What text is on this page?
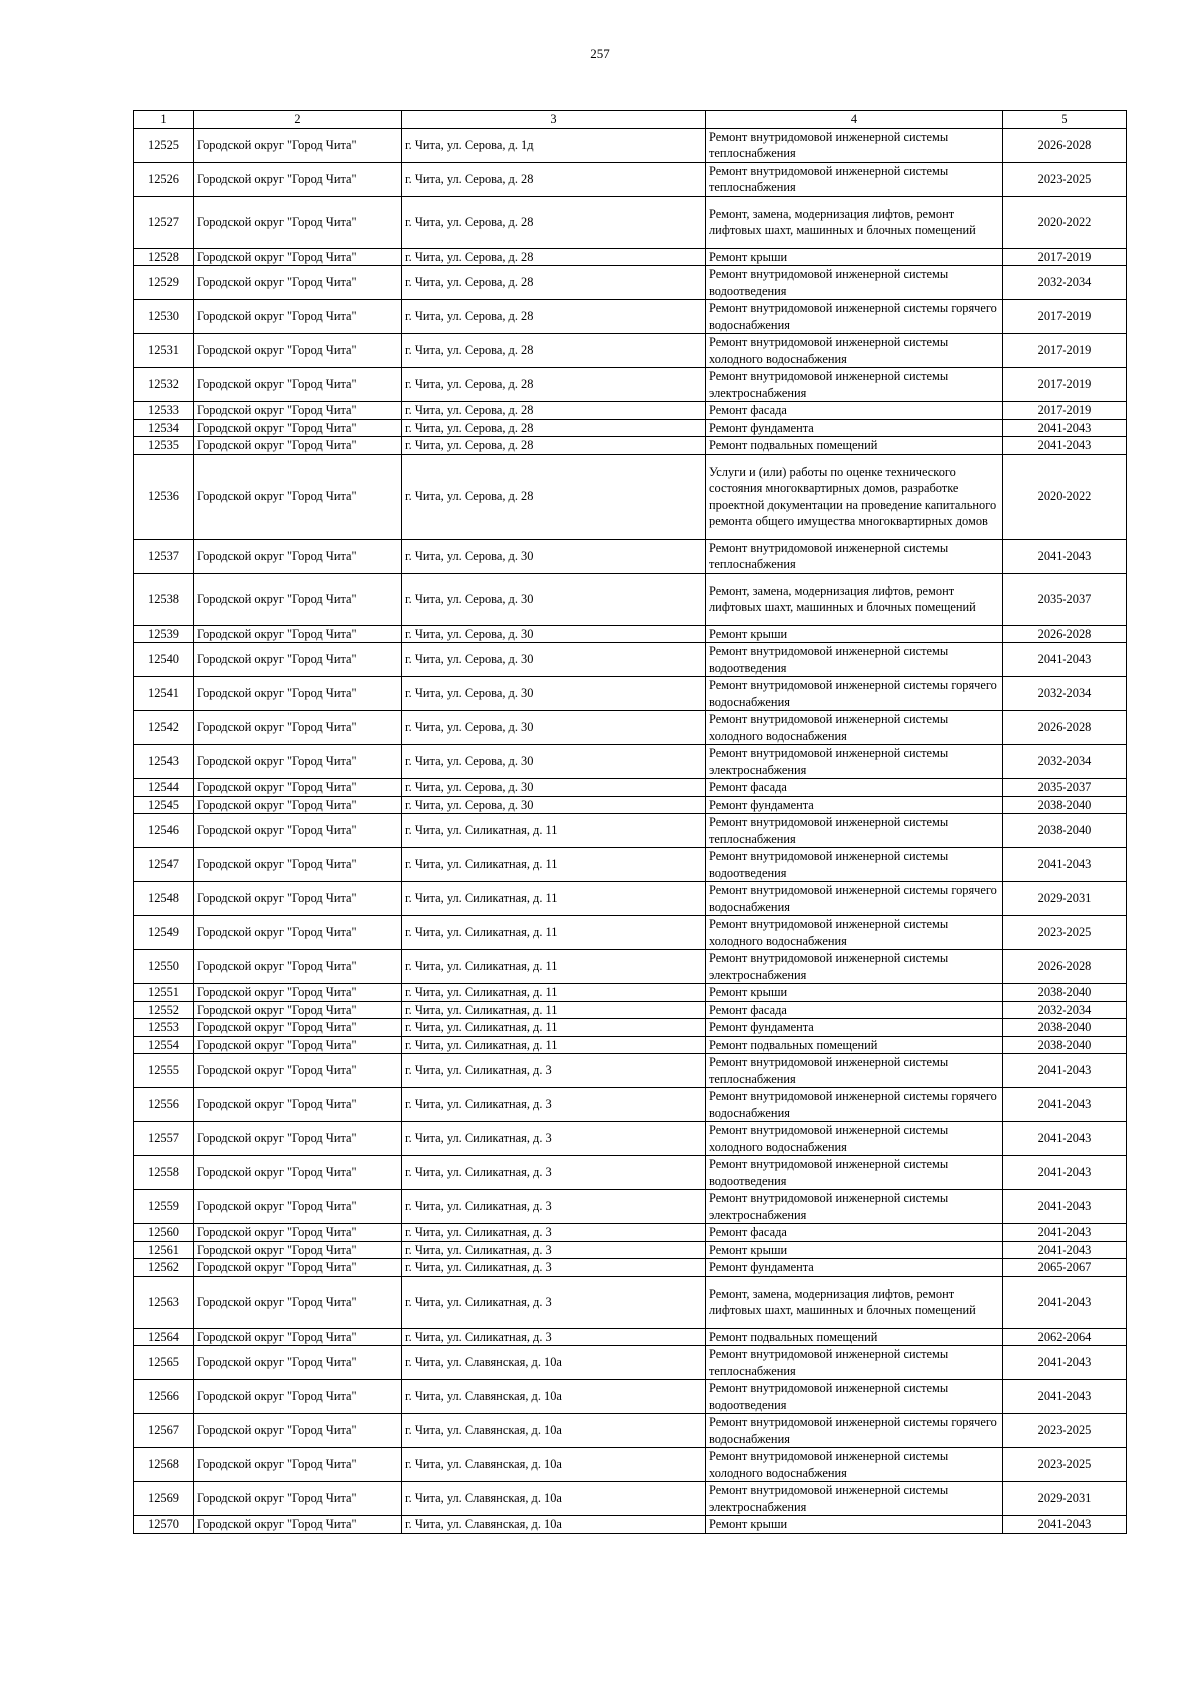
257
1	2	3	4	5
12525	Городской округ "Город Чита"	г. Чита, ул. Серова, д. 1д	Ремонт внутридомовой инженерной системы теплоснабжения	2026-2028
12526	Городской округ "Город Чита"	г. Чита, ул. Серова, д. 28	Ремонт внутридомовой инженерной системы теплоснабжения	2023-2025
12527	Городской округ "Город Чита"	г. Чита, ул. Серова, д. 28	Ремонт, замена, модернизация лифтов, ремонт лифтовых шахт, машинных и блочных помещений	2020-2022
12528	Городской округ "Город Чита"	г. Чита, ул. Серова, д. 28	Ремонт крыши	2017-2019
12529	Городской округ "Город Чита"	г. Чита, ул. Серова, д. 28	Ремонт внутридомовой инженерной системы водоотведения	2032-2034
12530	Городской округ "Город Чита"	г. Чита, ул. Серова, д. 28	Ремонт внутридомовой инженерной системы горячего водоснабжения	2017-2019
12531	Городской округ "Город Чита"	г. Чита, ул. Серова, д. 28	Ремонт внутридомовой инженерной системы холодного водоснабжения	2017-2019
12532	Городской округ "Город Чита"	г. Чита, ул. Серова, д. 28	Ремонт внутридомовой инженерной системы электроснабжения	2017-2019
12533	Городской округ "Город Чита"	г. Чита, ул. Серова, д. 28	Ремонт фасада	2017-2019
12534	Городской округ "Город Чита"	г. Чита, ул. Серова, д. 28	Ремонт фундамента	2041-2043
12535	Городской округ "Город Чита"	г. Чита, ул. Серова, д. 28	Ремонт подвальных помещений	2041-2043
12536	Городской округ "Город Чита"	г. Чита, ул. Серова, д. 28	Услуги и (или) работы по оценке технического состояния многоквартирных домов, разработке проектной документации на проведение капитального ремонта общего имущества многоквартирных домов	2020-2022
12537	Городской округ "Город Чита"	г. Чита, ул. Серова, д. 30	Ремонт внутридомовой инженерной системы теплоснабжения	2041-2043
12538	Городской округ "Город Чита"	г. Чита, ул. Серова, д. 30	Ремонт, замена, модернизация лифтов, ремонт лифтовых шахт, машинных и блочных помещений	2035-2037
12539	Городской округ "Город Чита"	г. Чита, ул. Серова, д. 30	Ремонт крыши	2026-2028
12540	Городской округ "Город Чита"	г. Чита, ул. Серова, д. 30	Ремонт внутридомовой инженерной системы водоотведения	2041-2043
12541	Городской округ "Город Чита"	г. Чита, ул. Серова, д. 30	Ремонт внутридомовой инженерной системы горячего водоснабжения	2032-2034
12542	Городской округ "Город Чита"	г. Чита, ул. Серова, д. 30	Ремонт внутридомовой инженерной системы холодного водоснабжения	2026-2028
12543	Городской округ "Город Чита"	г. Чита, ул. Серова, д. 30	Ремонт внутридомовой инженерной системы электроснабжения	2032-2034
12544	Городской округ "Город Чита"	г. Чита, ул. Серова, д. 30	Ремонт фасада	2035-2037
12545	Городской округ "Город Чита"	г. Чита, ул. Серова, д. 30	Ремонт фундамента	2038-2040
12546	Городской округ "Город Чита"	г. Чита, ул. Силикатная, д. 11	Ремонт внутридомовой инженерной системы теплоснабжения	2038-2040
12547	Городской округ "Город Чита"	г. Чита, ул. Силикатная, д. 11	Ремонт внутридомовой инженерной системы водоотведения	2041-2043
12548	Городской округ "Город Чита"	г. Чита, ул. Силикатная, д. 11	Ремонт внутридомовой инженерной системы горячего водоснабжения	2029-2031
12549	Городской округ "Город Чита"	г. Чита, ул. Силикатная, д. 11	Ремонт внутридомовой инженерной системы холодного водоснабжения	2023-2025
12550	Городской округ "Город Чита"	г. Чита, ул. Силикатная, д. 11	Ремонт внутридомовой инженерной системы электроснабжения	2026-2028
12551	Городской округ "Город Чита"	г. Чита, ул. Силикатная, д. 11	Ремонт крыши	2038-2040
12552	Городской округ "Город Чита"	г. Чита, ул. Силикатная, д. 11	Ремонт фасада	2032-2034
12553	Городской округ "Город Чита"	г. Чита, ул. Силикатная, д. 11	Ремонт фундамента	2038-2040
12554	Городской округ "Город Чита"	г. Чита, ул. Силикатная, д. 11	Ремонт подвальных помещений	2038-2040
12555	Городской округ "Город Чита"	г. Чита, ул. Силикатная, д. 3	Ремонт внутридомовой инженерной системы теплоснабжения	2041-2043
12556	Городской округ "Город Чита"	г. Чита, ул. Силикатная, д. 3	Ремонт внутридомовой инженерной системы горячего водоснабжения	2041-2043
12557	Городской округ "Город Чита"	г. Чита, ул. Силикатная, д. 3	Ремонт внутридомовой инженерной системы холодного водоснабжения	2041-2043
12558	Городской округ "Город Чита"	г. Чита, ул. Силикатная, д. 3	Ремонт внутридомовой инженерной системы водоотведения	2041-2043
12559	Городской округ "Город Чита"	г. Чита, ул. Силикатная, д. 3	Ремонт внутридомовой инженерной системы электроснабжения	2041-2043
12560	Городской округ "Город Чита"	г. Чита, ул. Силикатная, д. 3	Ремонт фасада	2041-2043
12561	Городской округ "Город Чита"	г. Чита, ул. Силикатная, д. 3	Ремонт крыши	2041-2043
12562	Городской округ "Город Чита"	г. Чита, ул. Силикатная, д. 3	Ремонт фундамента	2065-2067
12563	Городской округ "Город Чита"	г. Чита, ул. Силикатная, д. 3	Ремонт, замена, модернизация лифтов, ремонт лифтовых шахт, машинных и блочных помещений	2041-2043
12564	Городской округ "Город Чита"	г. Чита, ул. Силикатная, д. 3	Ремонт подвальных помещений	2062-2064
12565	Городской округ "Город Чита"	г. Чита, ул. Славянская, д. 10а	Ремонт внутридомовой инженерной системы теплоснабжения	2041-2043
12566	Городской округ "Город Чита"	г. Чита, ул. Славянская, д. 10а	Ремонт внутридомовой инженерной системы водоотведения	2041-2043
12567	Городской округ "Город Чита"	г. Чита, ул. Славянская, д. 10а	Ремонт внутридомовой инженерной системы горячего водоснабжения	2023-2025
12568	Городской округ "Город Чита"	г. Чита, ул. Славянская, д. 10а	Ремонт внутридомовой инженерной системы холодного водоснабжения	2023-2025
12569	Городской округ "Город Чита"	г. Чита, ул. Славянская, д. 10а	Ремонт внутридомовой инженерной системы электроснабжения	2029-2031
12570	Городской округ "Город Чита"	г. Чита, ул. Славянская, д. 10а	Ремонт крыши	2041-2043
